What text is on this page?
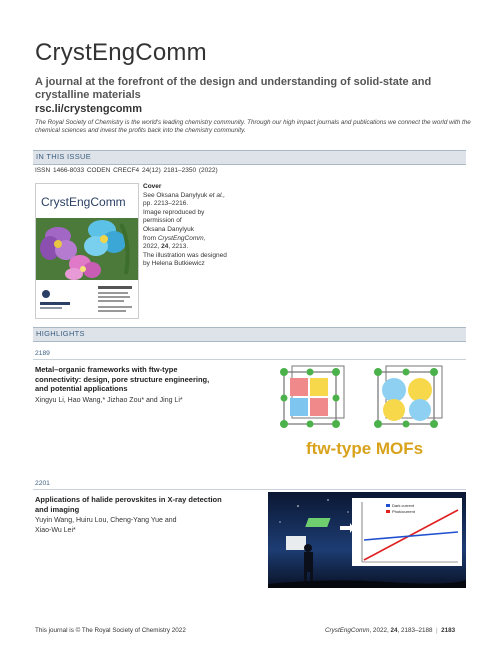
CrystEngComm
A journal at the forefront of the design and understanding of solid-state and crystalline materials
rsc.li/crystengcomm
The Royal Society of Chemistry is the world's leading chemistry community. Through our high impact journals and publications we connect the world with the chemical sciences and invest the profits back into the chemistry community.
IN THIS ISSUE
ISSN 1466-8033 CODEN CRECF4 24(12) 2181–2350 (2022)
CrystEngComm
Cover
See Oksana Danylyuk et al.,
pp. 2213–2216.
Image reproduced by
permission of
Oksana Danylyuk
from CrystEngComm,
2022, 24, 2213.
The illustration was designed
by Helena Butkiewicz
HIGHLIGHTS
2189
Metal–organic frameworks with ftw-type
connectivity: design, pore structure engineering,
and potential applications
Xingyu Li, Hao Wang,* Jizhao Zou* and Jing Li*
ftw-type MOFs
2201
Applications of halide perovskites in X-ray detection
and imaging
Yuyin Wang, Huiru Lou, Cheng-Yang Yue and
Xiao-Wu Lei*
Dark current
Photocurrent
This journal is © The Royal Society of Chemistry 2022	CrystEngComm, 2022, 24, 2183–2188 | 2183
